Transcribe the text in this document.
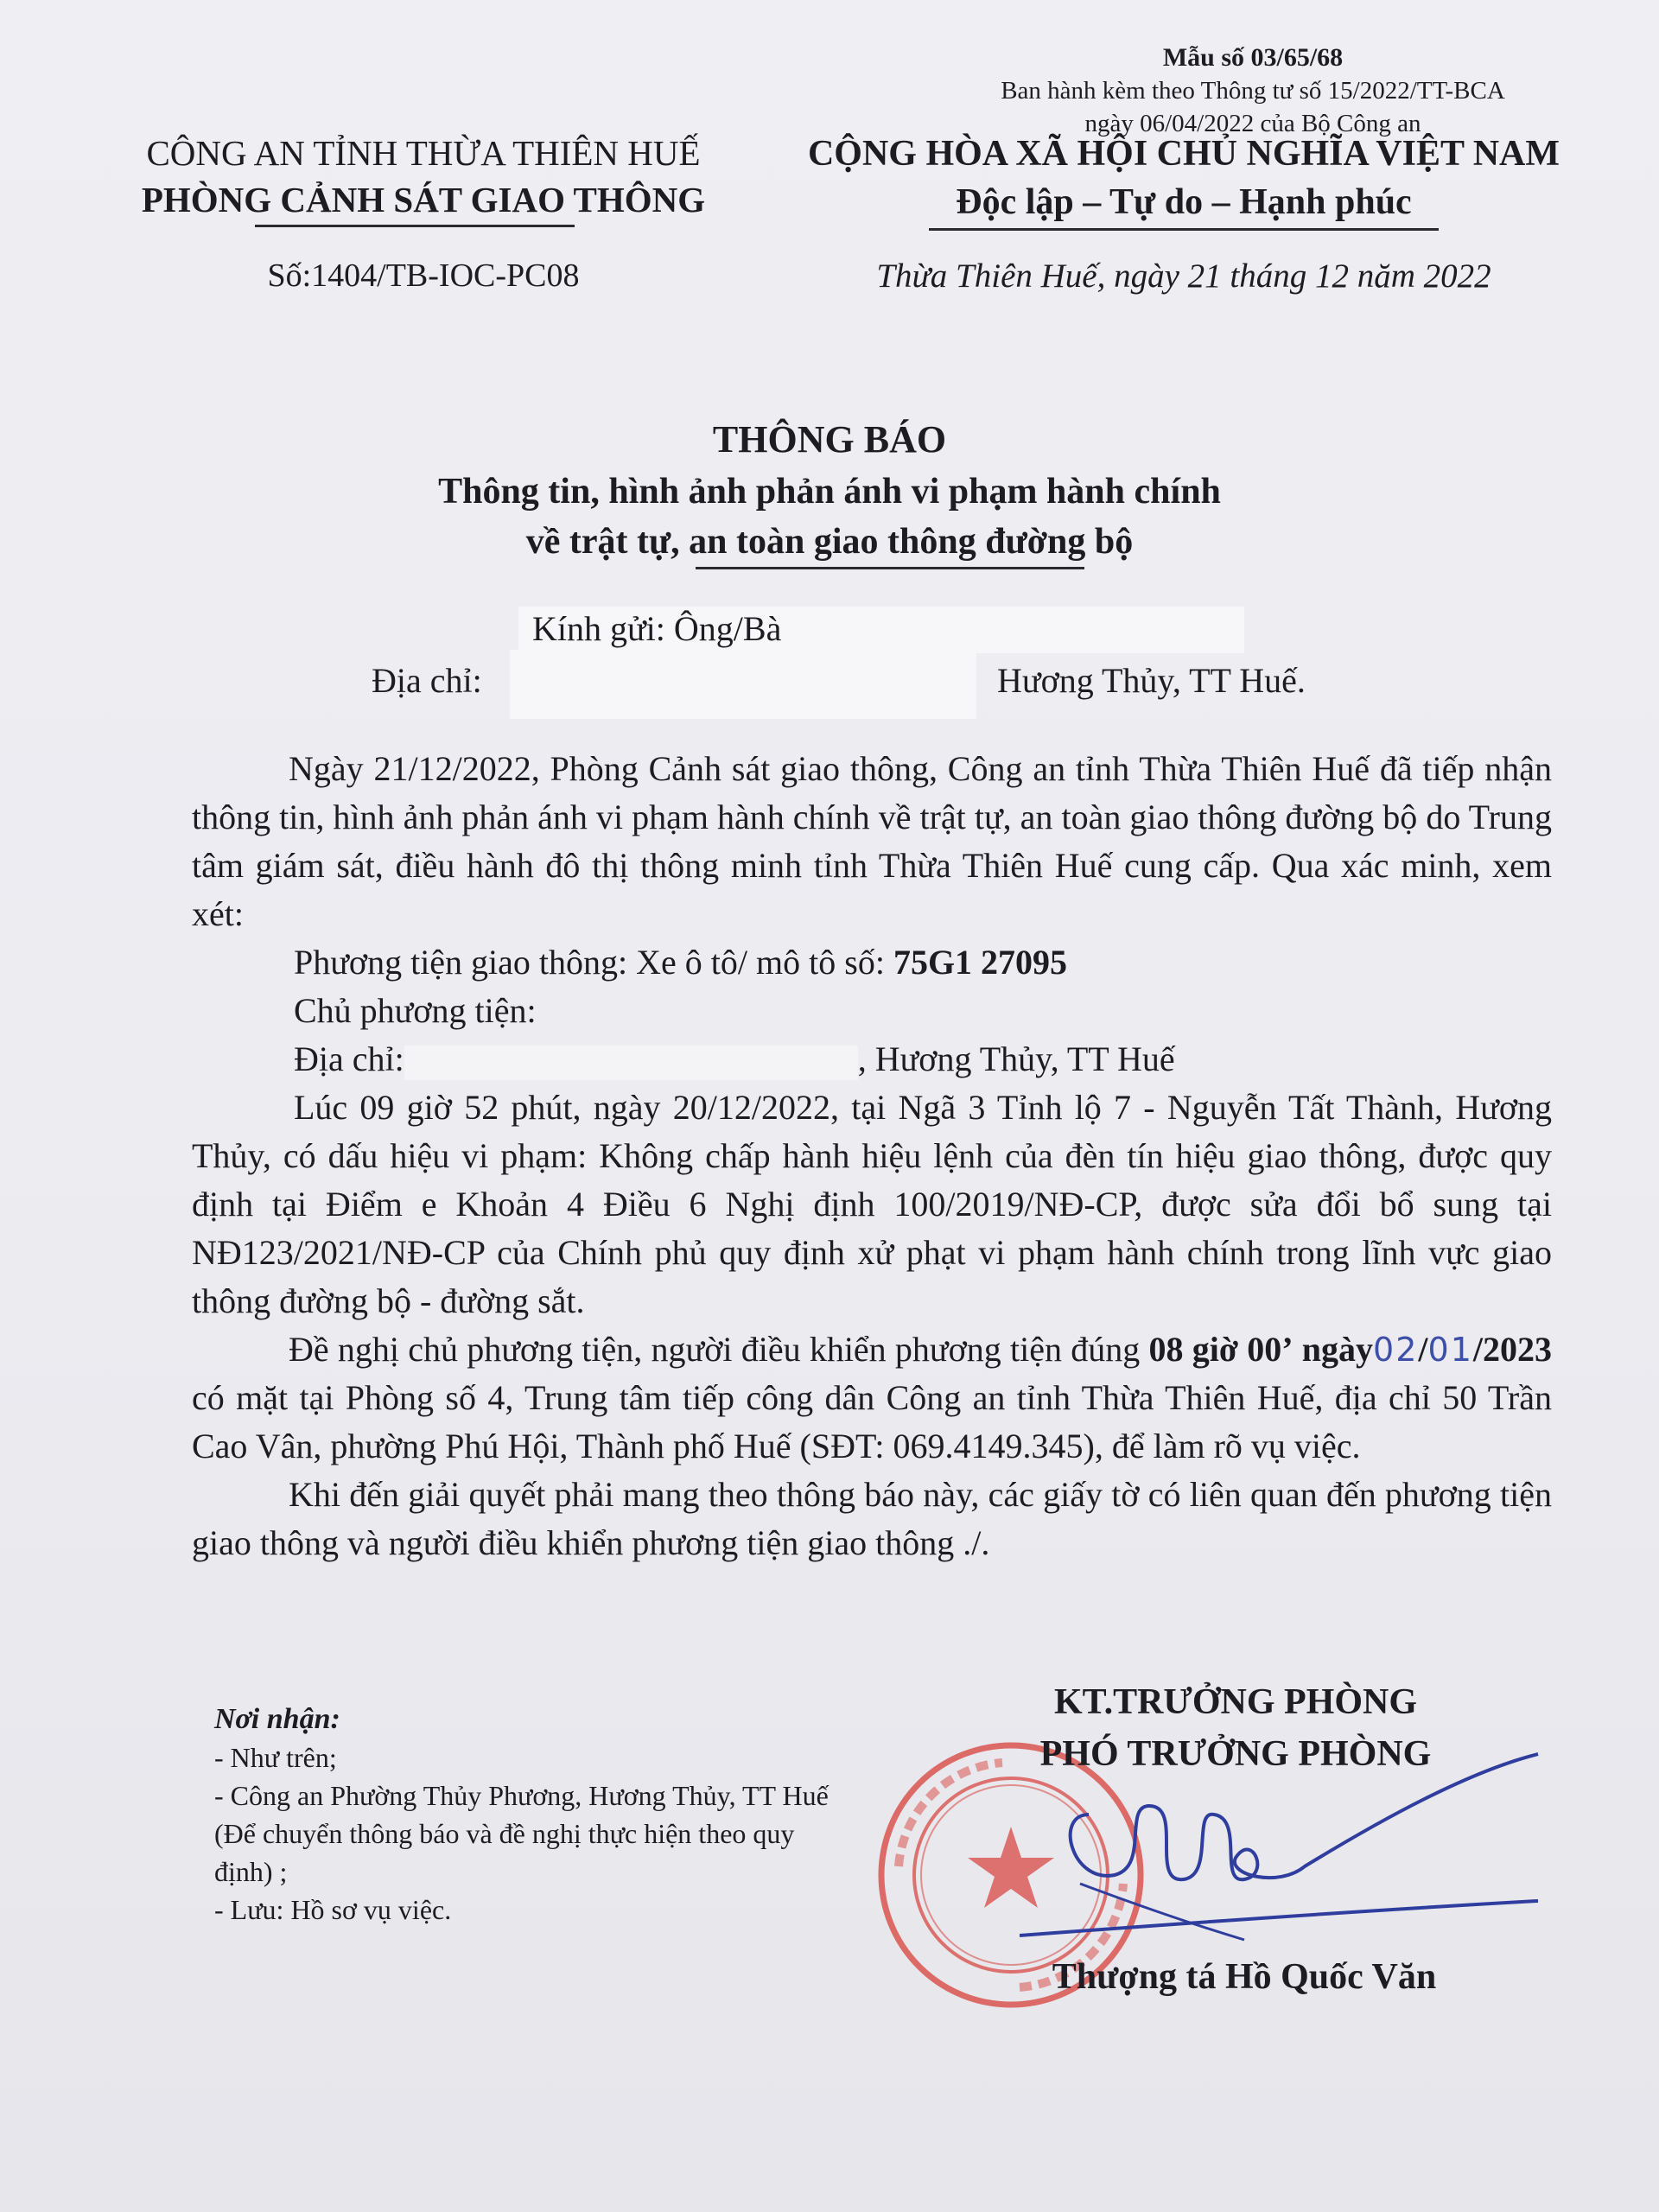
Mẫu số 03/65/68
Ban hành kèm theo Thông tư số 15/2022/TT-BCA
ngày 06/04/2022 của Bộ Công an
CÔNG AN TỈNH THỪA THIÊN HUẾ
PHÒNG CẢNH SÁT GIAO THÔNG
Số:1404/TB-IOC-PC08
CỘNG HÒA XÃ HỘI CHỦ NGHĨA VIỆT NAM
Độc lập – Tự do – Hạnh phúc
Thừa Thiên Huế, ngày 21 tháng 12 năm 2022
THÔNG BÁO
Thông tin, hình ảnh phản ánh vi phạm hành chính
về trật tự, an toàn giao thông đường bộ
Kính gửi: Ông/Bà
Địa chỉ:	Hương Thủy, TT Huế.

Ngày 21/12/2022, Phòng Cảnh sát giao thông, Công an tỉnh Thừa Thiên Huế đã tiếp nhận thông tin, hình ảnh phản ánh vi phạm hành chính về trật tự, an toàn giao thông đường bộ do Trung tâm giám sát, điều hành đô thị thông minh tỉnh Thừa Thiên Huế cung cấp. Qua xác minh, xem xét:

Phương tiện giao thông: Xe ô tô/ mô tô số: 75G1 27095

Chủ phương tiện:

Địa chỉ:	, Hương Thủy, TT Huế

Lúc 09 giờ 52 phút, ngày 20/12/2022, tại Ngã 3 Tỉnh lộ 7 - Nguyễn Tất Thành, Hương Thủy, có dấu hiệu vi phạm: Không chấp hành hiệu lệnh của đèn tín hiệu giao thông, được quy định tại Điểm e Khoản 4 Điều 6 Nghị định 100/2019/NĐ-CP, được sửa đổi bổ sung tại NĐ123/2021/NĐ-CP của Chính phủ quy định xử phạt vi phạm hành chính trong lĩnh vực giao thông đường bộ - đường sắt.

Đề nghị chủ phương tiện, người điều khiển phương tiện đúng 08 giờ 00’ ngày02/01/2023 có mặt tại Phòng số 4, Trung tâm tiếp công dân Công an tỉnh Thừa Thiên Huế, địa chỉ 50 Trần Cao Vân, phường Phú Hội, Thành phố Huế (SĐT: 069.4149.345), để làm rõ vụ việc.

Khi đến giải quyết phải mang theo thông báo này, các giấy tờ có liên quan đến phương tiện giao thông và người điều khiển phương tiện giao thông ./.

Nơi nhận:
- Như trên;
- Công an Phường Thủy Phương, Hương Thủy, TT Huế (Để chuyển thông báo và đề nghị thực hiện theo quy định) ;
- Lưu: Hồ sơ vụ việc.
KT.TRƯỞNG PHÒNG
PHÓ TRƯỞNG PHÒNG
Thượng tá Hồ Quốc Văn
